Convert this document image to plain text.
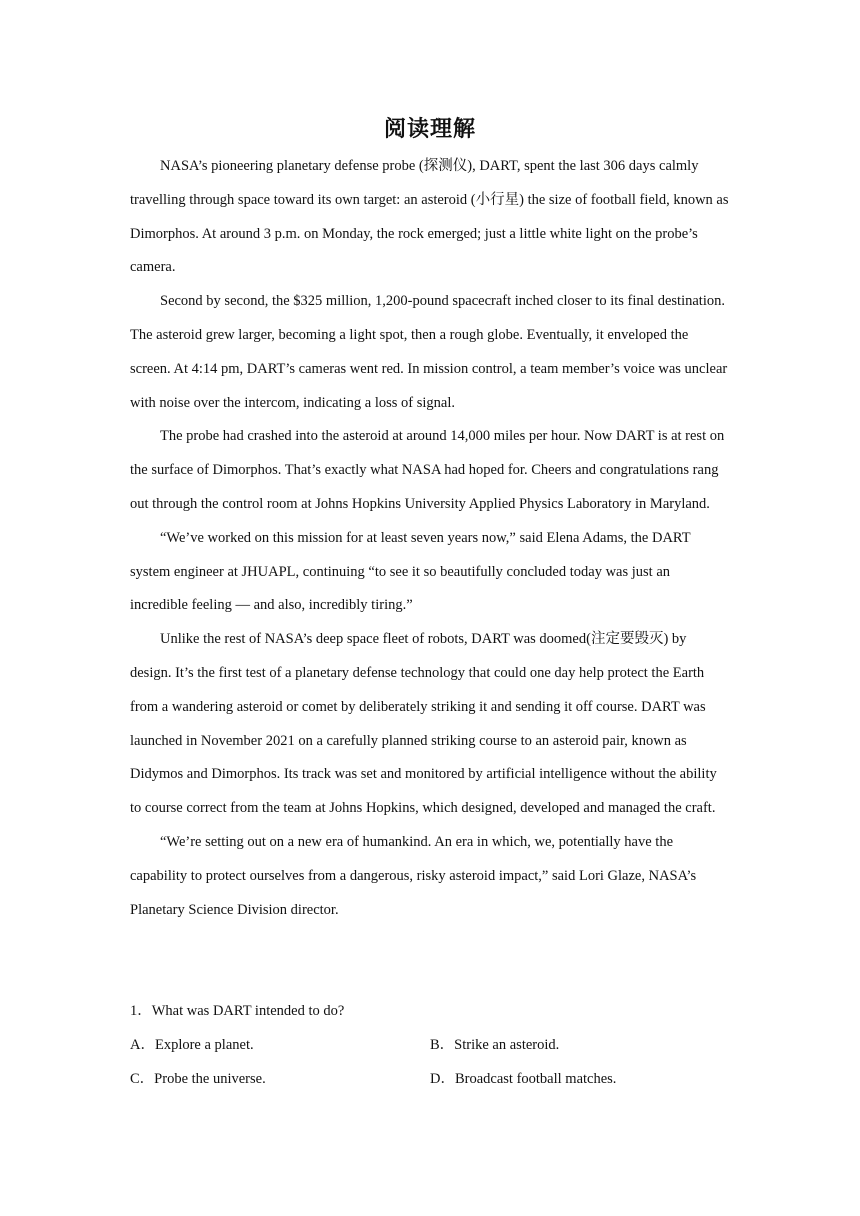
阅读理解

NASA’s pioneering planetary defense probe (探测仪), DART, spent the last 306 days calmly travelling through space toward its own target: an asteroid (小行星) the size of football field, known as Dimorphos. At around 3 p.m. on Monday, the rock emerged; just a little white light on the probe’s camera.

Second by second, the $325 million, 1,200-pound spacecraft inched closer to its final destination. The asteroid grew larger, becoming a light spot, then a rough globe. Eventually, it enveloped the screen. At 4:14 pm, DART’s cameras went red. In mission control, a team member’s voice was unclear with noise over the intercom, indicating a loss of signal.

The probe had crashed into the asteroid at around 14,000 miles per hour. Now DART is at rest on the surface of Dimorphos. That’s exactly what NASA had hoped for. Cheers and congratulations rang out through the control room at Johns Hopkins University Applied Physics Laboratory in Maryland.

“We’ve worked on this mission for at least seven years now,” said Elena Adams, the DART system engineer at JHUAPL, continuing “to see it so beautifully concluded today was just an incredible feeling — and also, incredibly tiring.”

Unlike the rest of NASA’s deep space fleet of robots, DART was doomed(注定要毁灭) by design. It’s the first test of a planetary defense technology that could one day help protect the Earth from a wandering asteroid or comet by deliberately striking it and sending it off course. DART was launched in November 2021 on a carefully planned striking course to an asteroid pair, known as Didymos and Dimorphos. Its track was set and monitored by artificial intelligence without the ability to course correct from the team at Johns Hopkins, which designed, developed and managed the craft.

“We’re setting out on a new era of humankind. An era in which, we, potentially have the capability to protect ourselves from a dangerous, risky asteroid impact,” said Lori Glaze, NASA’s Planetary Science Division director.

1．What was DART intended to do?

A．Explore a planet.	B．Strike an asteroid.
C．Probe the universe.	D．Broadcast football matches.
